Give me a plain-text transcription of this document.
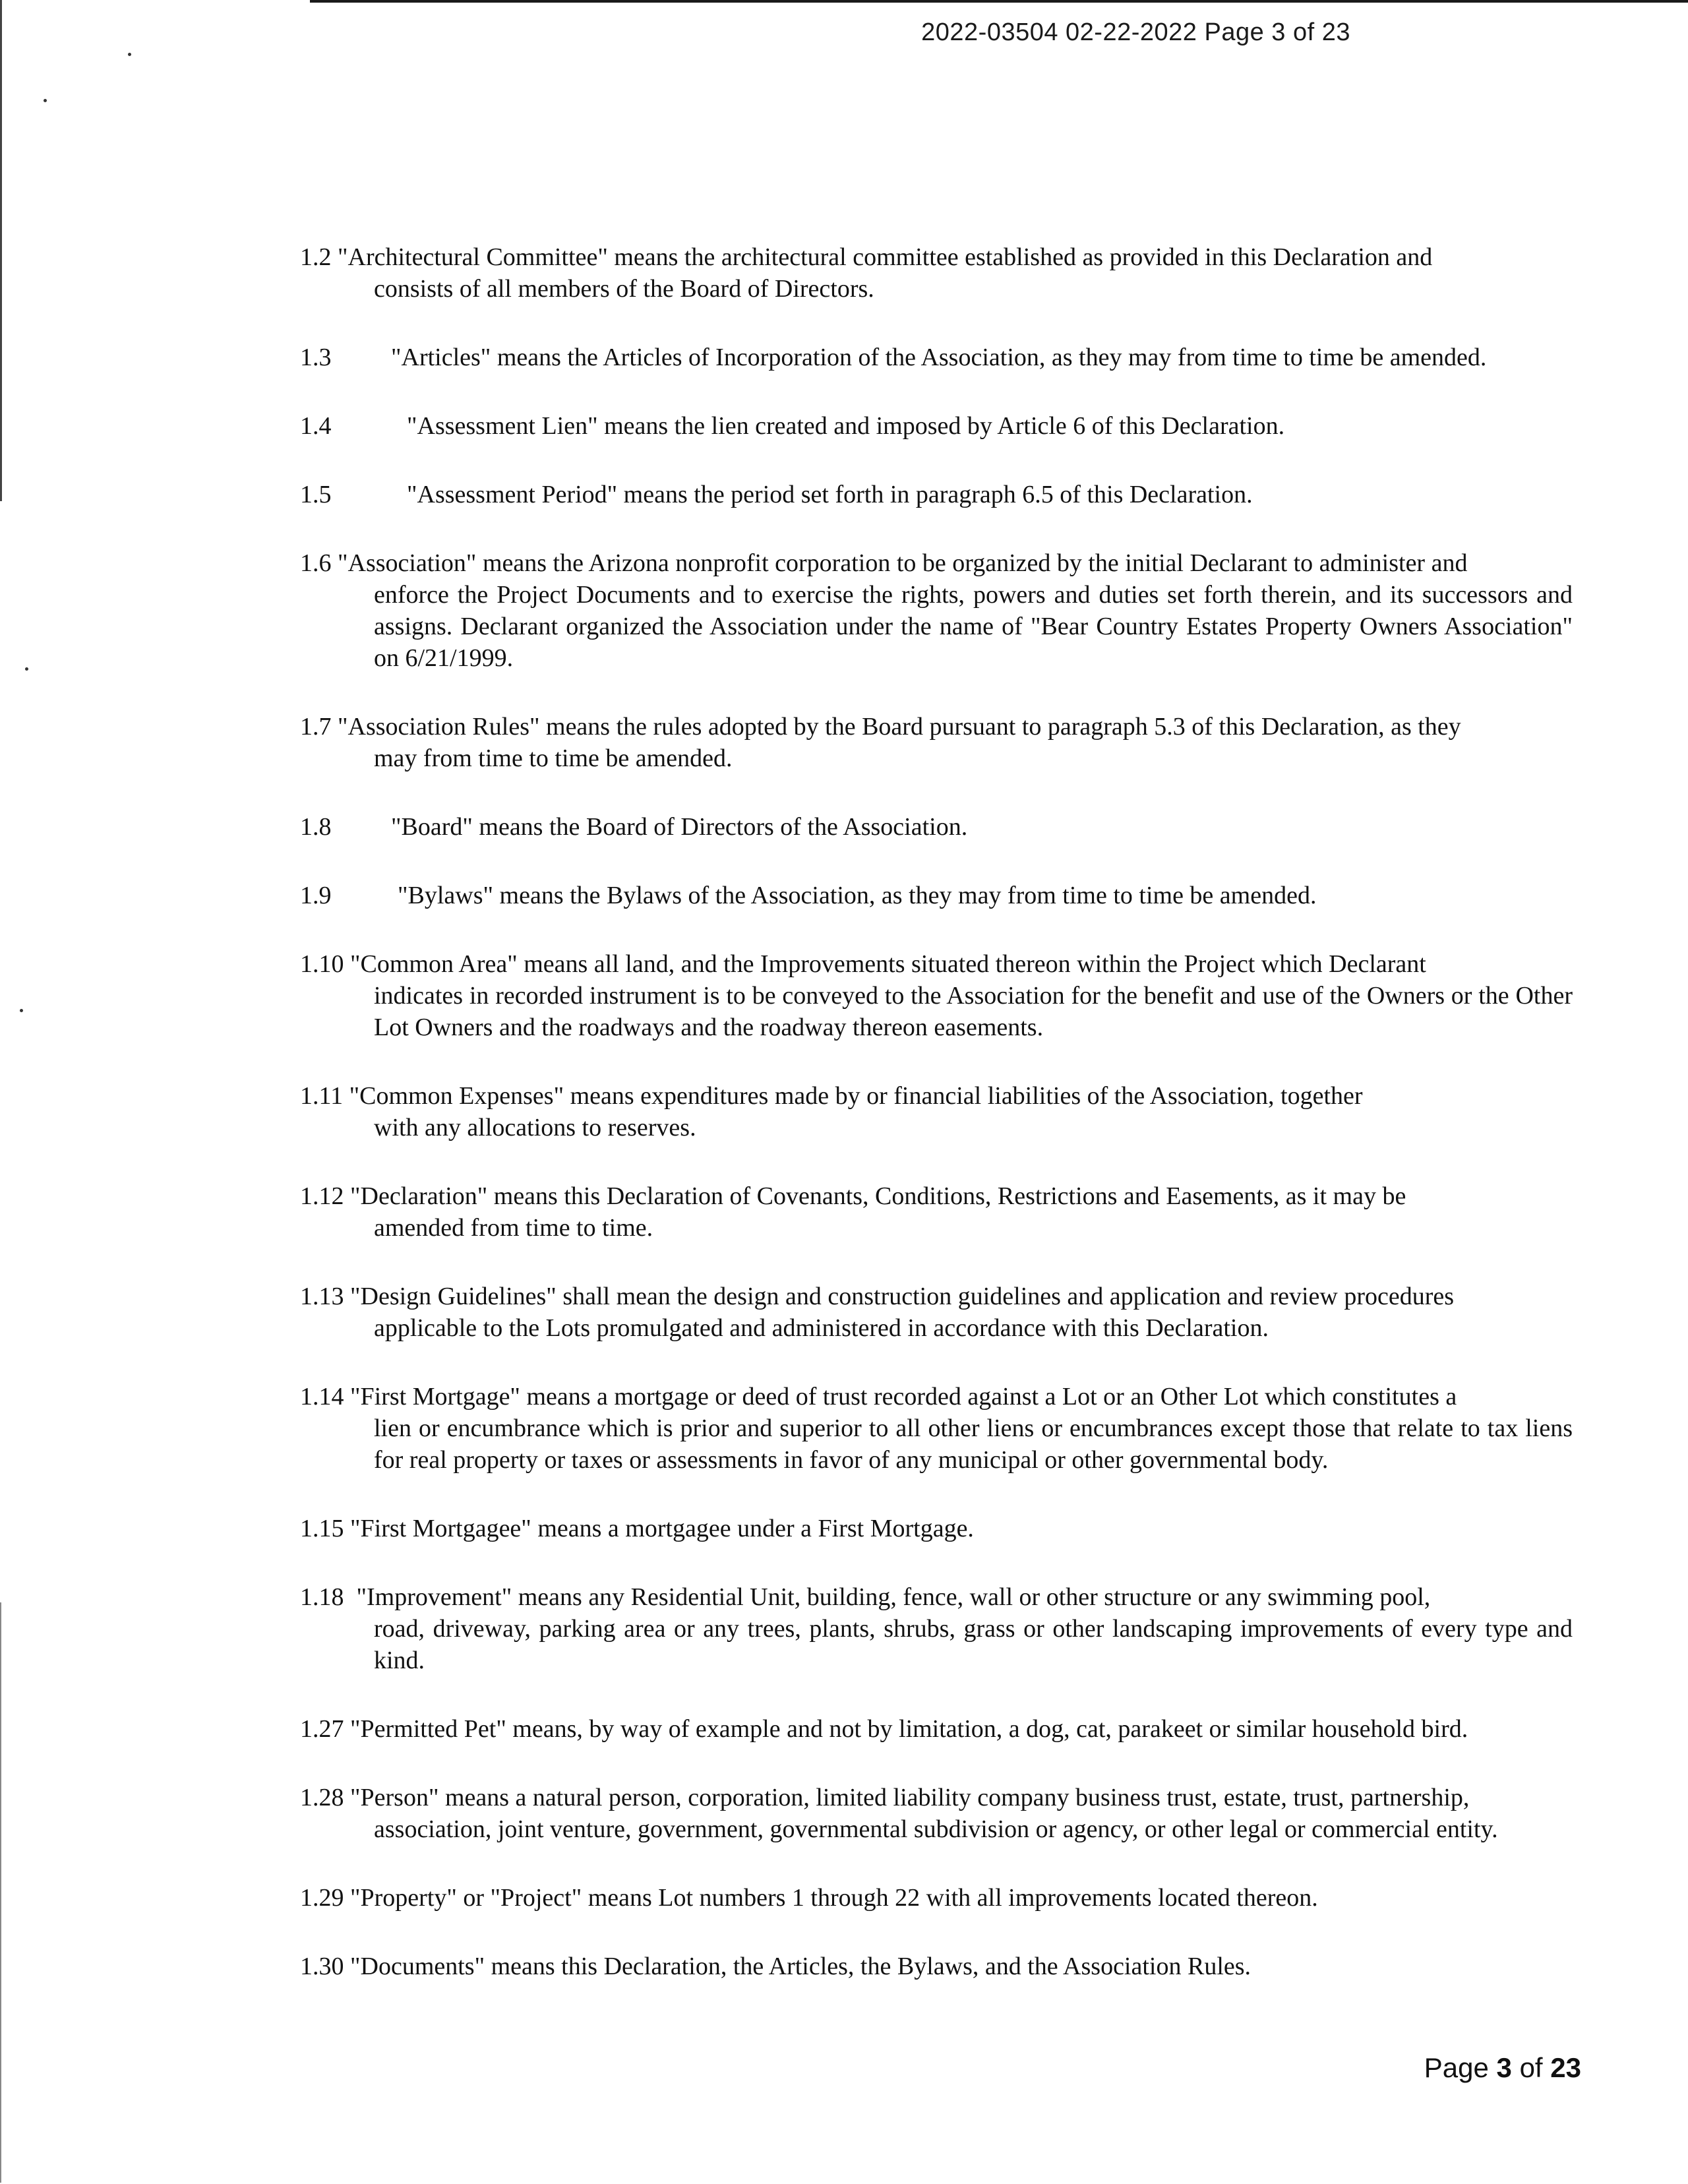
2022-03504 02-22-2022 Page 3 of 23
1.2 "Architectural Committee" means the architectural committee established as provided in this Declaration and
consists of all members of the Board of Directors.
1.3 "Articles" means the Articles of Incorporation of the Association, as they may from time to time be amended.
1.4	"Assessment Lien" means the lien created and imposed by Article 6 of this Declaration.
1.5	"Assessment Period" means the period set forth in paragraph 6.5 of this Declaration.
1.6 "Association" means the Arizona nonprofit corporation to be organized by the initial Declarant to administer and
enforce the Project Documents and to exercise the rights, powers and duties set forth therein, and its successors and assigns. Declarant organized the Association under the name of "Bear Country Estates Property Owners Association" on 6/21/1999.
1.7 "Association Rules" means the rules adopted by the Board pursuant to paragraph 5.3 of this Declaration, as they
may from time to time be amended.
1.8 "Board" means the Board of Directors of the Association.
1.9	"Bylaws" means the Bylaws of the Association, as they may from time to time be amended.
1.10 "Common Area" means all land, and the Improvements situated thereon within the Project which Declarant
indicates in recorded instrument is to be conveyed to the Association for the benefit and use of the Owners or the Other Lot Owners and the roadways and the roadway thereon easements.
1.11 "Common Expenses" means expenditures made by or financial liabilities of the Association, together
with any allocations to reserves.
1.12 "Declaration" means this Declaration of Covenants, Conditions, Restrictions and Easements, as it may be
amended from time to time.
1.13 "Design Guidelines" shall mean the design and construction guidelines and application and review procedures
applicable to the Lots promulgated and administered in accordance with this Declaration.
1.14 "First Mortgage" means a mortgage or deed of trust recorded against a Lot or an Other Lot which constitutes a
lien or encumbrance which is prior and superior to all other liens or encumbrances except those that relate to tax liens for real property or taxes or assessments in favor of any municipal or other governmental body.
1.15 "First Mortgagee" means a mortgagee under a First Mortgage.
1.18 "Improvement" means any Residential Unit, building, fence, wall or other structure or any swimming pool,
road, driveway, parking area or any trees, plants, shrubs, grass or other landscaping improvements of every type and kind.
1.27 "Permitted Pet" means, by way of example and not by limitation, a dog, cat, parakeet or similar household bird.
1.28 "Person" means a natural person, corporation, limited liability company business trust, estate, trust, partnership,
association, joint venture, government, governmental subdivision or agency, or other legal or commercial entity.
1.29 "Property" or "Project" means Lot numbers 1 through 22 with all improvements located thereon.
1.30 "Documents" means this Declaration, the Articles, the Bylaws, and the Association Rules.
Page 3 of 23
